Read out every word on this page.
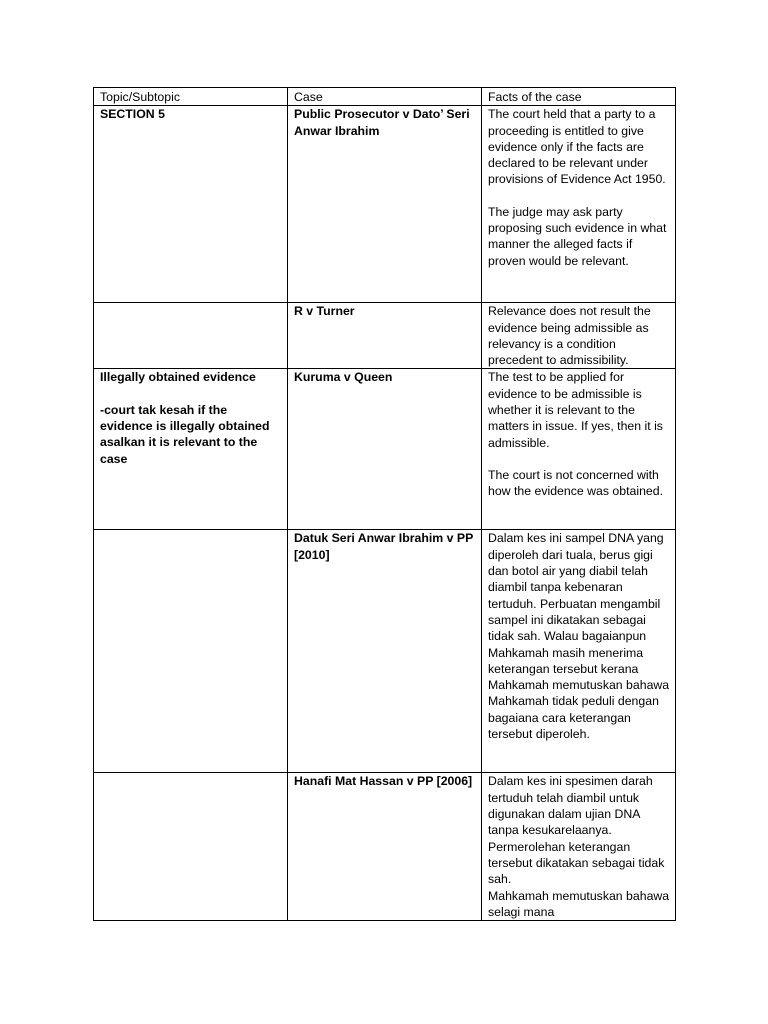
Topic/Subtopic	Case	Facts of the case

SECTION 5	Public Prosecutor v Dato’ Seri Anwar Ibrahim	The court held that a party to a proceeding is entitled to give evidence only if the facts are declared to be relevant under provisions of Evidence Act 1950.
The judge may ask party proposing such evidence in what manner the alleged facts if proven would be relevant.

	R v Turner	Relevance does not result the evidence being admissible as relevancy is a condition precedent to admissibility.

Illegally obtained evidence
-court tak kesah if the evidence is illegally obtained asalkan it is relevant to the case	Kuruma v Queen	The test to be applied for evidence to be admissible is whether it is relevant to the matters in issue. If yes, then it is admissible.
The court is not concerned with how the evidence was obtained.

	Datuk Seri Anwar Ibrahim v PP [2010]	Dalam kes ini sampel DNA yang diperoleh dari tuala, berus gigi dan botol air yang diabil telah diambil tanpa kebenaran tertuduh. Perbuatan mengambil sampel ini dikatakan sebagai tidak sah. Walau bagaianpun Mahkamah masih menerima keterangan tersebut kerana Mahkamah memutuskan bahawa Mahkamah tidak peduli dengan bagaiana cara keterangan tersebut diperoleh.

	Hanafi Mat Hassan v PP [2006]	Dalam kes ini spesimen darah tertuduh telah diambil untuk digunakan dalam ujian DNA tanpa kesukarelaanya. Permerolehan keterangan tersebut dikatakan sebagai tidak sah.
Mahkamah memutuskan bahawa selagi mana
